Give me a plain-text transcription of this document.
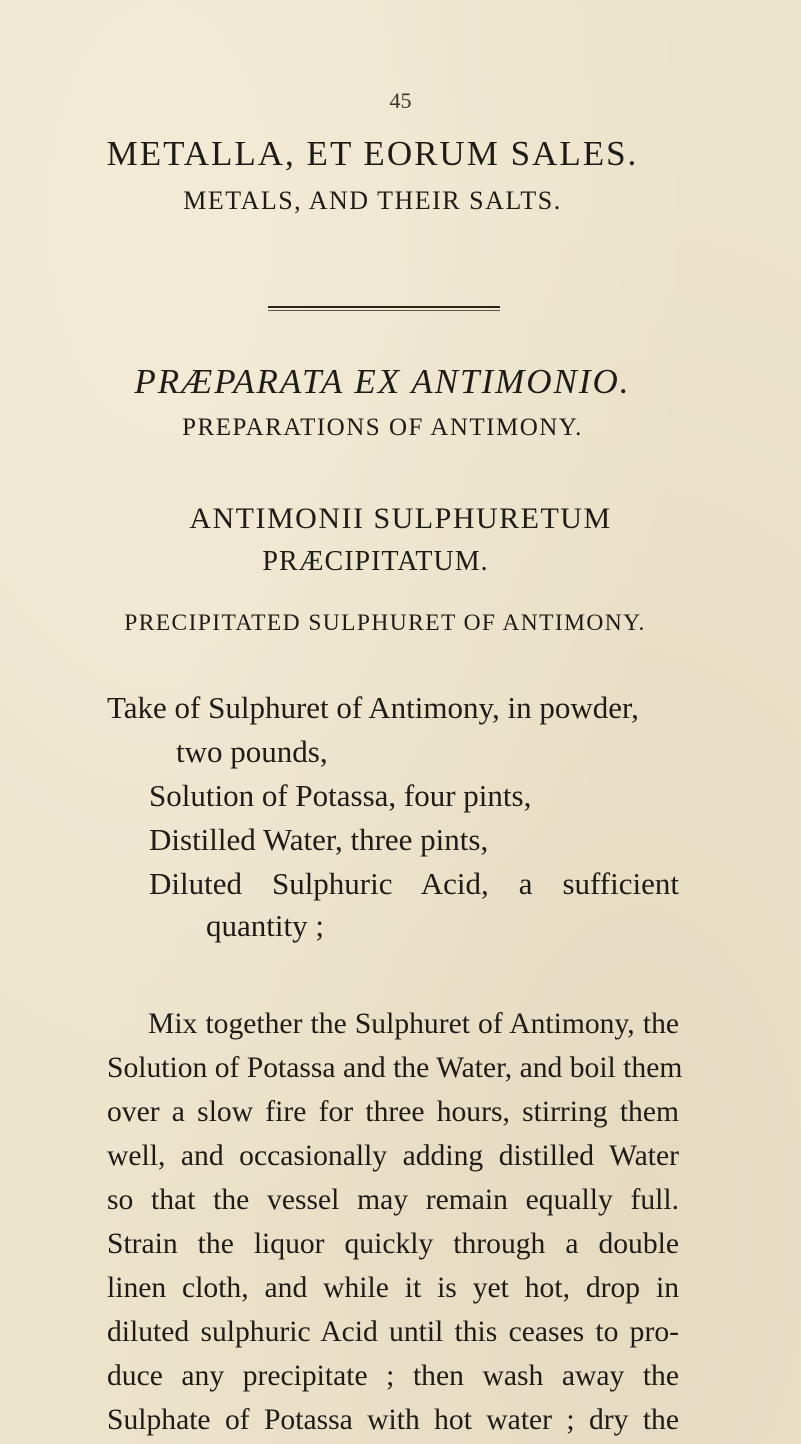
45
METALLA, ET EORUM SALES.
METALS, AND THEIR SALTS.
PRÆPARATA EX ANTIMONIO.
PREPARATIONS OF ANTIMONY.
ANTIMONII SULPHURETUM
PRÆCIPITATUM.
PRECIPITATED SULPHURET OF ANTIMONY.
Take of Sulphuret of Antimony, in powder,
two pounds,
Solution of Potassa, four pints,
Distilled Water, three pints,
Diluted Sulphuric Acid, a sufficient
quantity ;
Mix together the Sulphuret of Antimony, the
Solution of Potassa and the Water, and boil them
over a slow fire for three hours, stirring them
well, and occasionally adding distilled Water
so that the vessel may remain equally full.
Strain the liquor quickly through a double
linen cloth, and while it is yet hot, drop in
diluted sulphuric Acid until this ceases to pro-
duce any precipitate ; then wash away the
Sulphate of Potassa with hot water ; dry the
